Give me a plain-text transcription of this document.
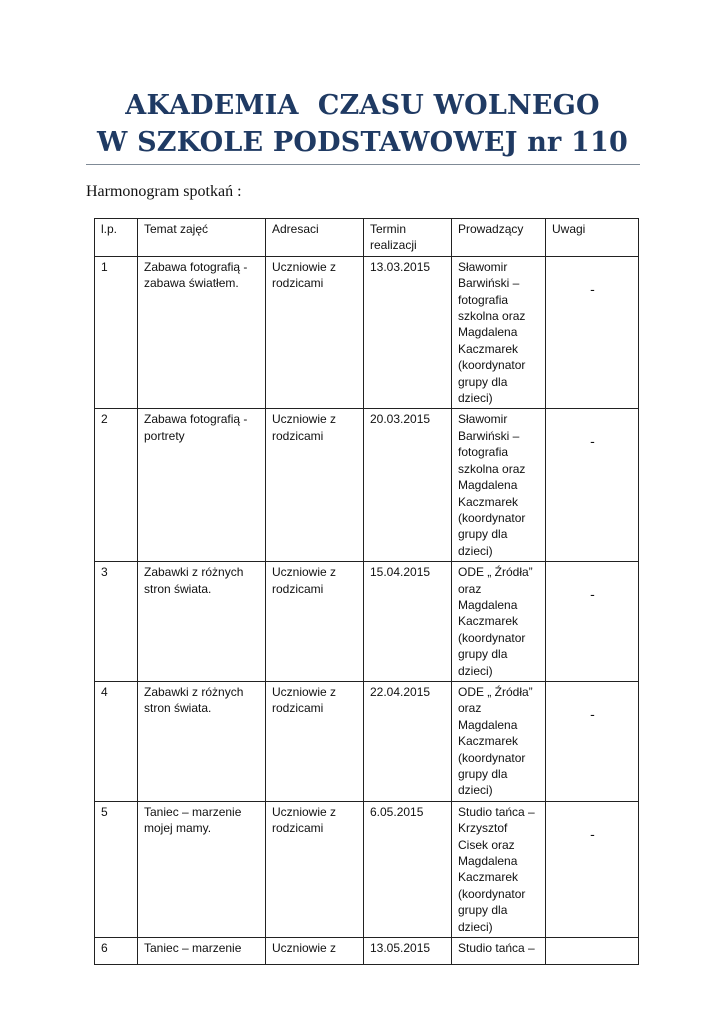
AKADEMIA  CZASU WOLNEGO
W SZKOLE PODSTAWOWEJ nr 110
Harmonogram spotkań :
l.p.	Temat zajęć	Adresaci	Termin realizacji	Prowadzący	Uwagi
1	Zabawa fotografią - zabawa światłem.	Uczniowie z rodzicami	13.03.2015	Sławomir Barwiński – fotografia szkolna oraz Magdalena Kaczmarek (koordynator grupy dla dzieci)	-
2	Zabawa fotografią - portrety	Uczniowie z rodzicami	20.03.2015	Sławomir Barwiński – fotografia szkolna oraz Magdalena Kaczmarek (koordynator grupy dla dzieci)	-
3	Zabawki z różnych stron świata.	Uczniowie z rodzicami	15.04.2015	ODE „ Źródła” oraz Magdalena Kaczmarek (koordynator grupy dla dzieci)	-
4	Zabawki z różnych stron świata.	Uczniowie z rodzicami	22.04.2015	ODE „ Źródła” oraz Magdalena Kaczmarek (koordynator grupy dla dzieci)	-
5	Taniec – marzenie mojej mamy.	Uczniowie z rodzicami	6.05.2015	Studio tańca – Krzysztof Cisek oraz Magdalena Kaczmarek (koordynator grupy dla dzieci)	-
6	Taniec – marzenie	Uczniowie z	13.05.2015	Studio tańca –	
